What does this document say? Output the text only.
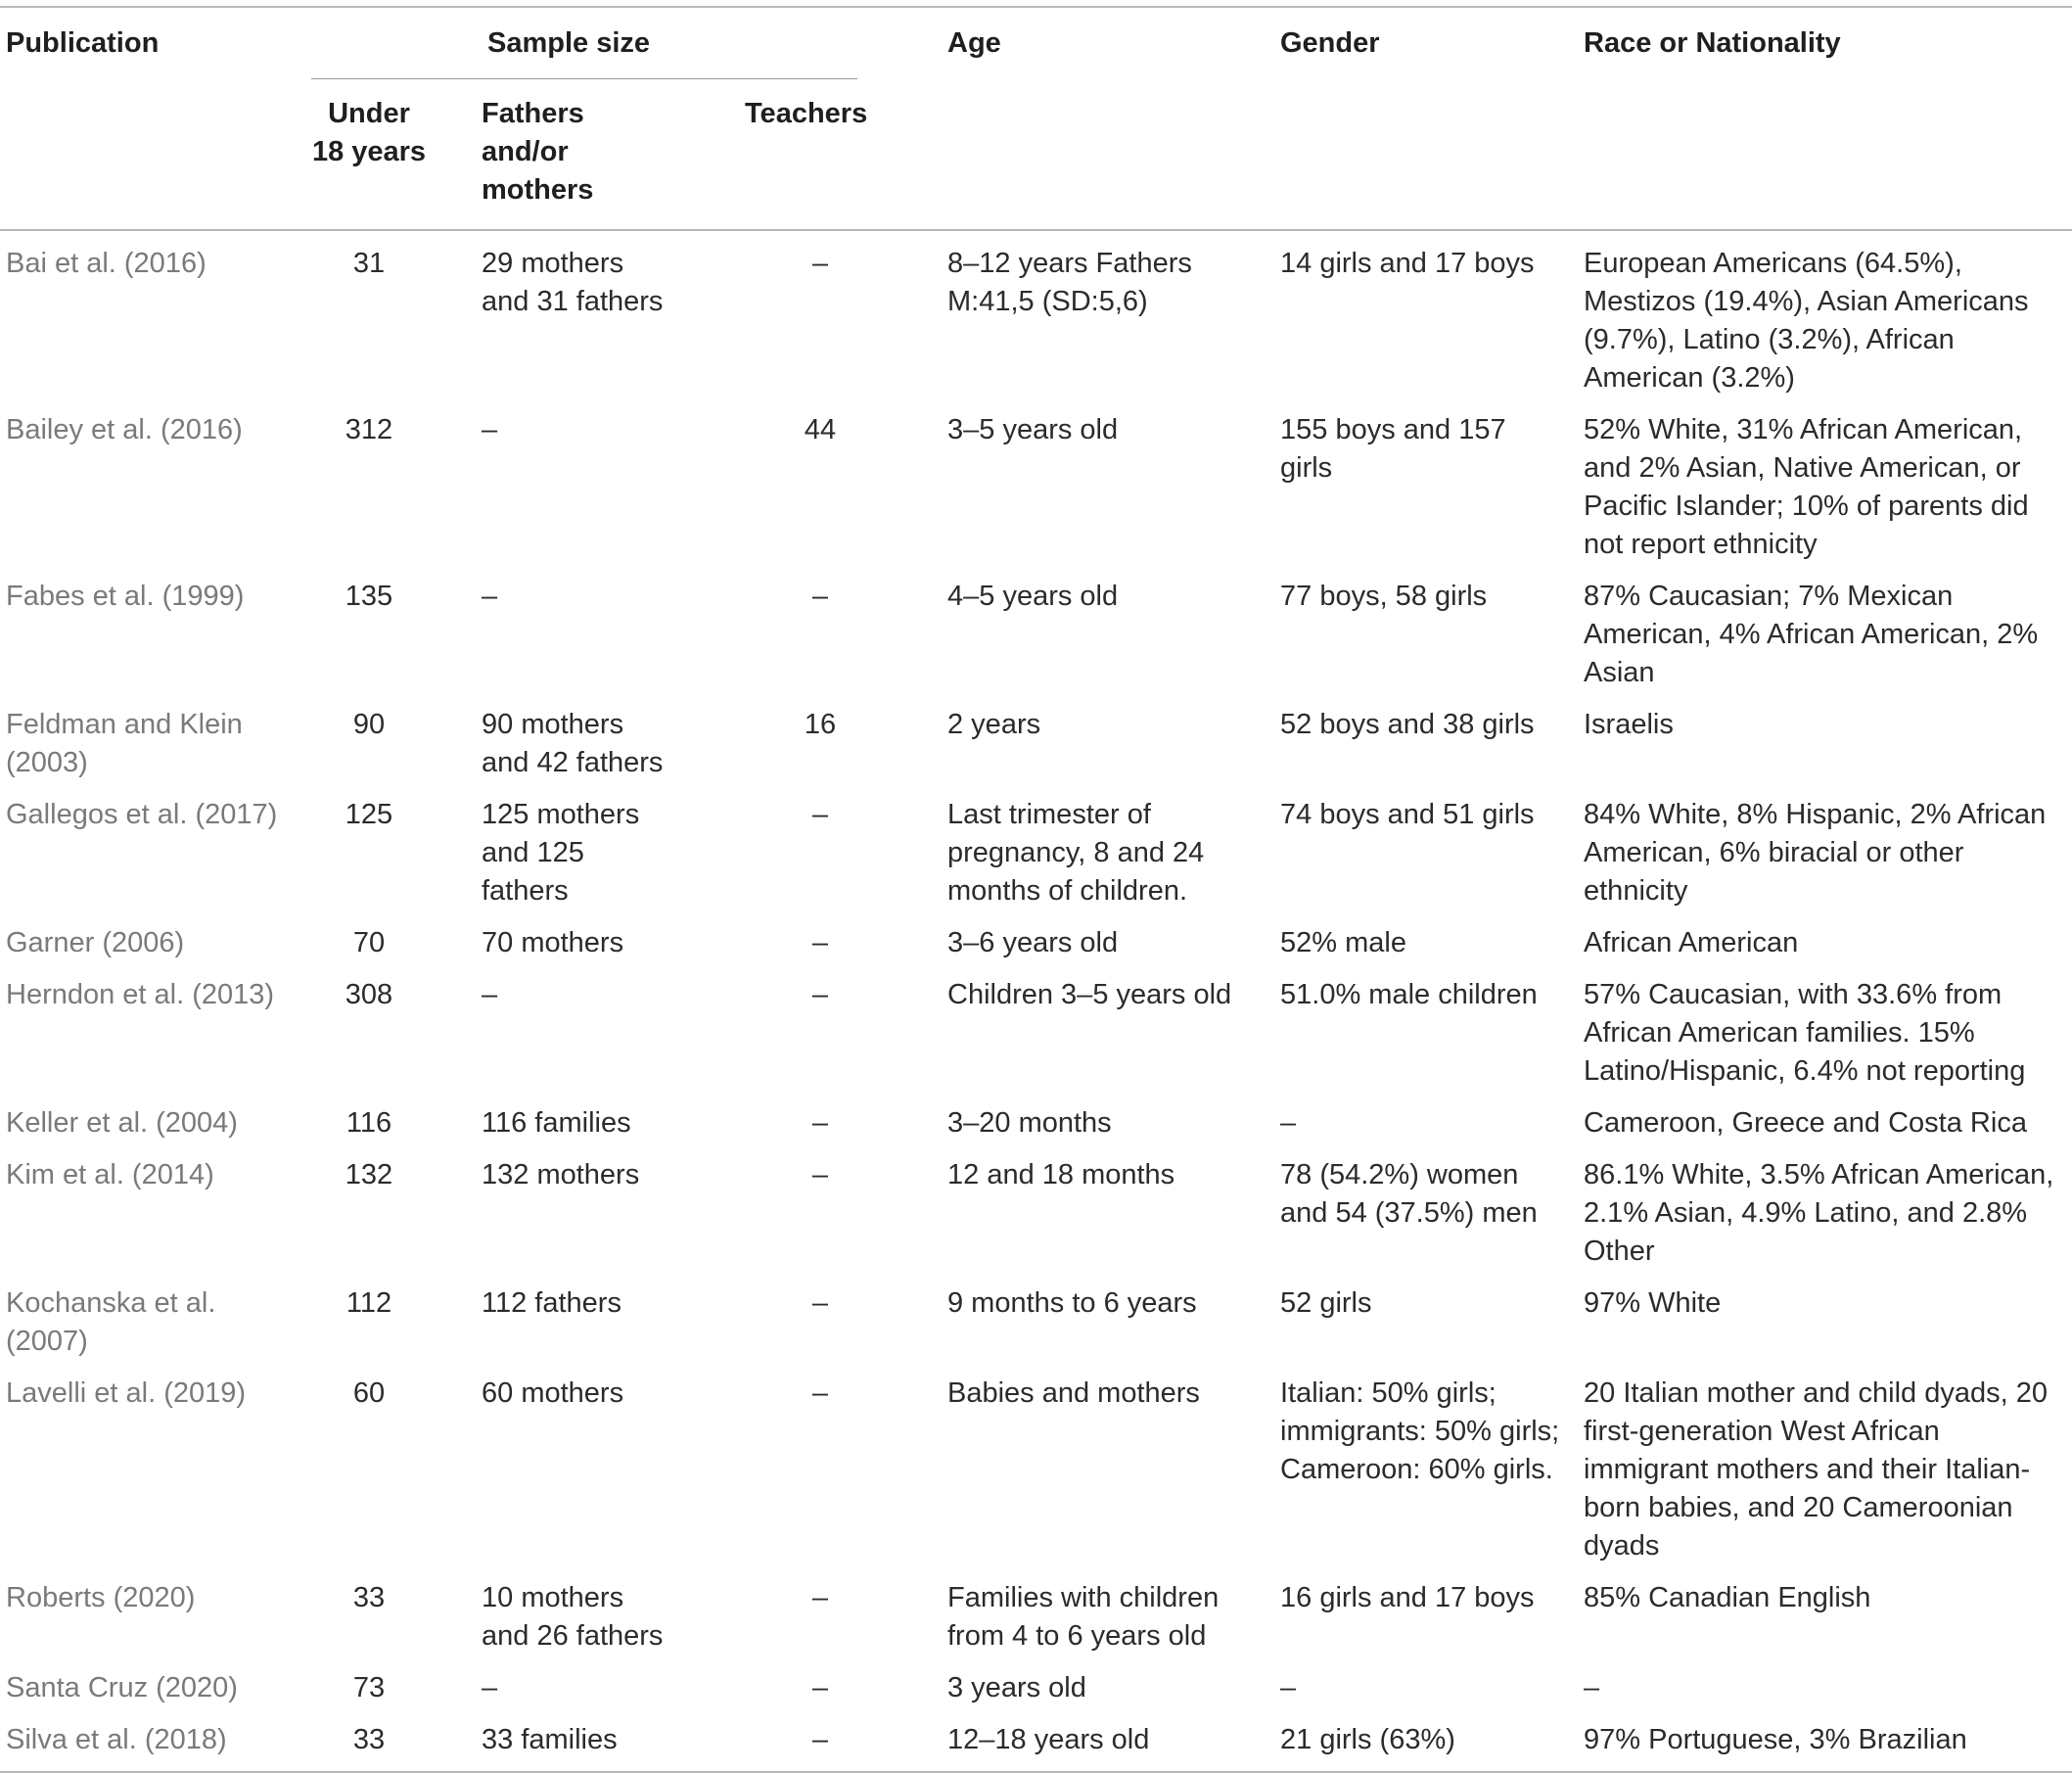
Publication	Sample size			Age	Gender	Race or Nationality

	Under 18 years	Fathers and/or mothers	Teachers			
Bai et al. (2016)	31	29 mothers and 31 fathers	–	8–12 years Fathers M:41,5 (SD:5,6)	14 girls and 17 boys	European Americans (64.5%), Mestizos (19.4%), Asian Americans (9.7%), Latino (3.2%), African American (3.2%)
Bailey et al. (2016)	312	–	44	3–5 years old	155 boys and 157 girls	52% White, 31% African American, and 2% Asian, Native American, or Pacific Islander; 10% of parents did not report ethnicity
Fabes et al. (1999)	135	–	–	4–5 years old	77 boys, 58 girls	87% Caucasian; 7% Mexican American, 4% African American, 2% Asian
Feldman and Klein (2003)	90	90 mothers and 42 fathers	16	2 years	52 boys and 38 girls	Israelis
Gallegos et al. (2017)	125	125 mothers and 125 fathers	–	Last trimester of pregnancy, 8 and 24 months of children.	74 boys and 51 girls	84% White, 8% Hispanic, 2% African American, 6% biracial or other ethnicity
Garner (2006)	70	70 mothers	–	3–6 years old	52% male	African American
Herndon et al. (2013)	308	–	–	Children 3–5 years old	51.0% male children	57% Caucasian, with 33.6% from African American families. 15% Latino/Hispanic, 6.4% not reporting
Keller et al. (2004)	116	116 families	–	3–20 months	–	Cameroon, Greece and Costa Rica
Kim et al. (2014)	132	132 mothers	–	12 and 18 months	78 (54.2%) women and 54 (37.5%) men	86.1% White, 3.5% African American, 2.1% Asian, 4.9% Latino, and 2.8% Other
Kochanska et al. (2007)	112	112 fathers	–	9 months to 6 years	52 girls	97% White
Lavelli et al. (2019)	60	60 mothers	–	Babies and mothers	Italian: 50% girls; immigrants: 50% girls; Cameroon: 60% girls.	20 Italian mother and child dyads, 20 first-generation West African immigrant mothers and their Italian-born babies, and 20 Cameroonian dyads
Roberts (2020)	33	10 mothers and 26 fathers	–	Families with children from 4 to 6 years old	16 girls and 17 boys	85% Canadian English
Santa Cruz (2020)	73	–	–	3 years old	–	–
Silva et al. (2018)	33	33 families	–	12–18 years old	21 girls (63%)	97% Portuguese, 3% Brazilian
